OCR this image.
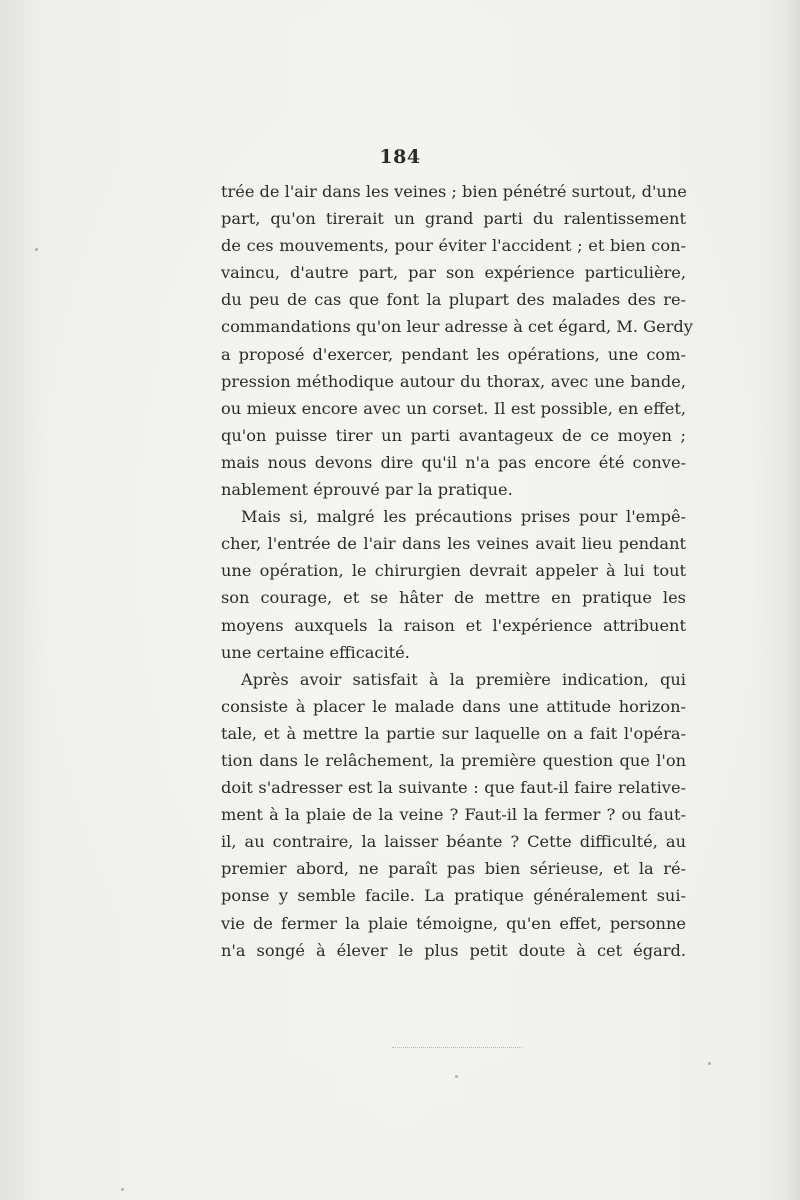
184
trée de l'air dans les veines ; bien pénétré surtout, d'une
part, qu'on tirerait un grand parti du ralentissement
de ces mouvements, pour éviter l'accident ; et bien con-
vaincu, d'autre part, par son expérience particulière,
du peu de cas que font la plupart des malades des re-
commandations qu'on leur adresse à cet égard, M. Gerdy
a proposé d'exercer, pendant les opérations, une com-
pression méthodique autour du thorax, avec une bande,
ou mieux encore avec un corset. Il est possible, en effet,
qu'on puisse tirer un parti avantageux de ce moyen ;
mais nous devons dire qu'il n'a pas encore été conve-
nablement éprouvé par la pratique.
Mais si, malgré les précautions prises pour l'empê-
cher, l'entrée de l'air dans les veines avait lieu pendant
une opération, le chirurgien devrait appeler à lui tout
son courage, et se hâter de mettre en pratique les
moyens auxquels la raison et l'expérience attribuent
une certaine efficacité.
Après avoir satisfait à la première indication, qui
consiste à placer le malade dans une attitude horizon-
tale, et à mettre la partie sur laquelle on a fait l'opéra-
tion dans le relâchement, la première question que l'on
doit s'adresser est la suivante : que faut-il faire relative-
ment à la plaie de la veine ? Faut-il la fermer ? ou faut-
il, au contraire, la laisser béante ? Cette difficulté, au
premier abord, ne paraît pas bien sérieuse, et la ré-
ponse y semble facile. La pratique généralement sui-
vie de fermer la plaie témoigne, qu'en effet, personne
n'a songé à élever le plus petit doute à cet égard.
